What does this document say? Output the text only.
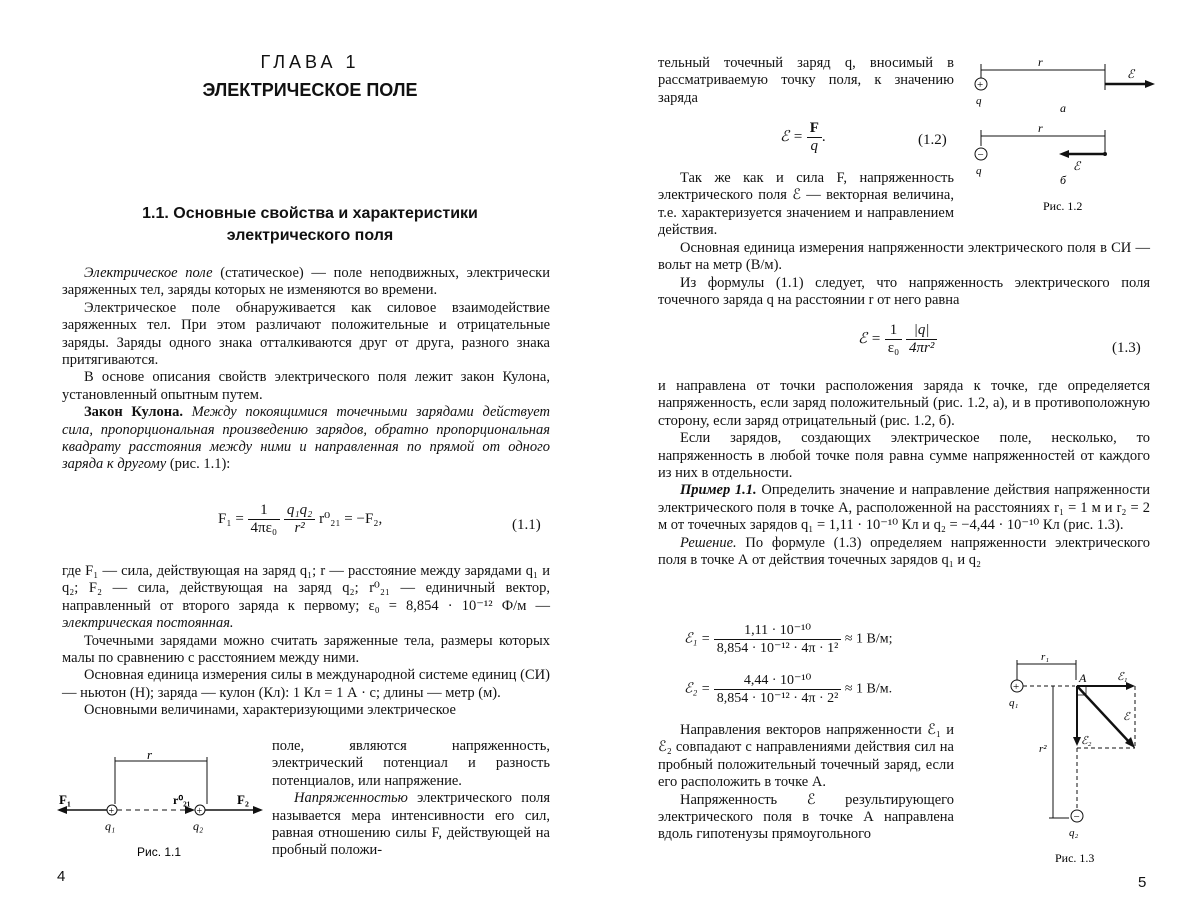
ГЛАВА 1
ЭЛЕКТРИЧЕСКОЕ ПОЛЕ
1.1. Основные свойства и характеристики
электрического поля

Электрическое поле (статическое) — поле неподвижных, электрически заряженных тел, заряды которых не изменяются во времени.

Электрическое поле обнаруживается как силовое взаимодействие заряженных тел. При этом различают положительные и отрицательные заряды. Заряды одного знака отталкиваются друг от друга, разного знака притягиваются.

В основе описания свойств электрического поля лежит закон Кулона, установленный опытным путем.

Закон Кулона. Между покоящимися точечными зарядами действует сила, пропорциональная произведению зарядов, обратно пропорциональная квадрату расстояния между ними и направленная по прямой от одного заряда к другому (рис. 1.1):

$F_1 = \frac{1}{\text{4πε₀}}$
$\frac{\text{q₁q₂}}{\text{r²}} r^0_{21} = -F_2$,	(1.1)

где F₁ — сила, действующая на заряд q₁; r — расстояние между зарядами q₁ и q₂; F₂ — сила, действующая на заряд q₂; r⁰₂₁ — единичный вектор, направленный от второго заряда к первому; ε₀ = 8,854 · 10⁻¹² Ф/м — электрическая постоянная.

Точечными зарядами можно считать заряженные тела, размеры которых малы по сравнению с расстоянием между ними.

Основная единица измерения силы в международной системе единиц (СИ) — ньютон (Н); заряда — кулон (Кл): 1 Кл = 1 А · с; длины — метр (м).

Основными величинами, характеризующими электрическое

поле, являются напряженность, электрический потенциал и разность потенциалов, или напряжение.

Напряженностью электрического поля называется мера интенсивности его сил, равная отношению силы F, действующей на пробный положи-

r
F₁
+
q₁
r⁰₂₁
+
q₂
F₂
Рис. 1.1
4

тельный точечный заряд q, вносимый в рассматриваемую точку поля, к значению заряда

ℰ = $\frac{F}{q}$ .	(1.2)

Так же как и сила F, напряженность электрического поля ℰ — векторная величина, т.е. характеризуется значением и направлением действия.

Основная единица измерения напряженности электрического поля в СИ — вольт на метр (В/м).

Из формулы (1.1) следует, что напряженность электрического поля точечного заряда q на расстоянии r от него равна

ℰ = $\frac{1}{\text{ε₀}}$
$\frac{|q|}{\text{4πr²}}$	(1.3)

и направлена от точки расположения заряда к точке, где определяется напряженность, если заряд положительный (рис. 1.2, а), и в противоположную сторону, если заряд отрицательный (рис. 1.2, б).

Если зарядов, создающих электрическое поле, несколько, то напряженность в любой точке поля равна сумме напряженностей от каждого из них в отдельности.

Пример 1.1. Определить значение и направление действия напряженности электрического поля в точке А, расположенной на расстояниях r₁ = 1 м и r₂ = 2 м от точечных зарядов q₁ = 1,11 · 10⁻¹⁰ Кл и q₂ = −4,44 · 10⁻¹⁰ Кл (рис. 1.3).

Решение. По формуле (1.3) определяем напряженности электрического поля в точке А от действия точечных зарядов q₁ и q₂

ℰ₁ = $\frac{\text{1,11 · 10⁻¹⁰}}{\text{8,854 · 10⁻¹² · 4π · 1²}} \approx 1$ В/м;
ℰ₂ = $\frac{\text{4,44 · 10⁻¹⁰}}{\text{8,854 · 10⁻¹² · 4π · 2²}} \approx 1$ В/м.

Направления векторов напряженности ℰ₁ и ℰ₂ совпадают с направлениями действия сил на пробный положительный точечный заряд, если его расположить в точке А.

Напряженность ℰ результирующего электрического поля в точке А направлена вдоль гипотенузы прямоугольного

r
+
q
ℰ
а
r
−
q	ℰ
б
Рис. 1.2
r₁
+
q₁
A	ℰ₁
ℰ₂
ℰ
r²
−
q₂
Рис. 1.3
5
